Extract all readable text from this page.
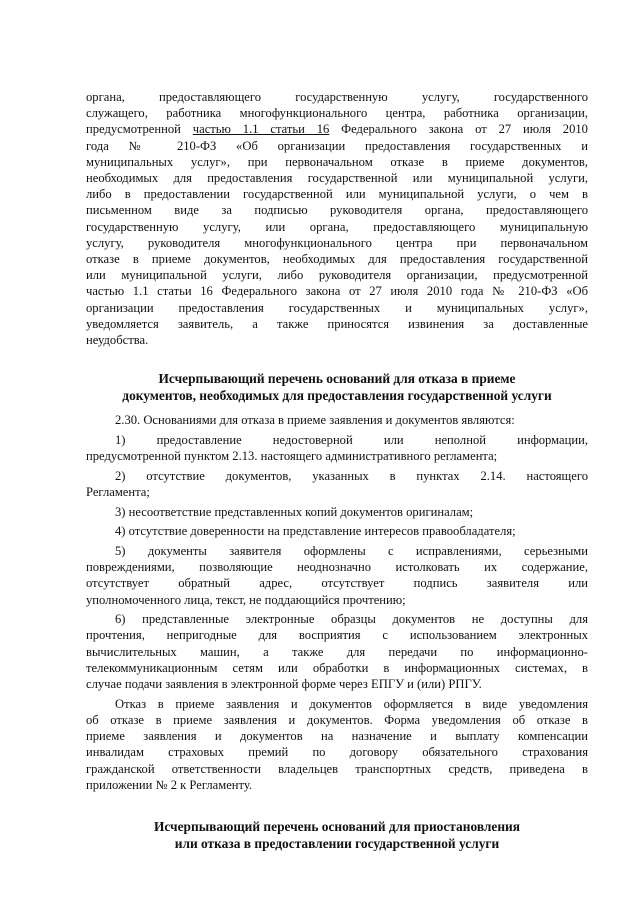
органа, предоставляющего государственную услугу, государственного
служащего, работника многофункционального центра, работника организации,
предусмотренной частью 1.1 статьи 16 Федерального закона от 27 июля 2010
года № 210-ФЗ «Об организации предоставления государственных и
муниципальных услуг», при первоначальном отказе в приеме документов,
необходимых для предоставления государственной или муниципальной услуги,
либо в предоставлении государственной или муниципальной услуги, о чем в
письменном виде за подписью руководителя органа, предоставляющего
государственную услугу, или органа, предоставляющего муниципальную
услугу, руководителя многофункционального центра при первоначальном
отказе в приеме документов, необходимых для предоставления государственной
или муниципальной услуги, либо руководителя организации, предусмотренной
частью 1.1 статьи 16 Федерального закона от 27 июля 2010 года № 210-ФЗ «Об
организации предоставления государственных и муниципальных услуг»,
уведомляется заявитель, а также приносятся извинения за доставленные
неудобства.
Исчерпывающий перечень оснований для отказа в приеме
документов, необходимых для предоставления государственной услуги
2.30. Основаниями для отказа в приеме заявления и документов являются:
1) предоставление недостоверной или неполной информации,
предусмотренной пунктом 2.13. настоящего административного регламента;
2) отсутствие документов, указанных в пунктах 2.14. настоящего
Регламента;
3) несоответствие представленных копий документов оригиналам;
4) отсутствие доверенности на представление интересов правообладателя;
5) документы заявителя оформлены с исправлениями, серьезными
повреждениями, позволяющие неоднозначно истолковать их содержание,
отсутствует обратный адрес, отсутствует подпись заявителя или
уполномоченного лица, текст, не поддающийся прочтению;
6) представленные электронные образцы документов не доступны для
прочтения, непригодные для восприятия с использованием электронных
вычислительных машин, а также для передачи по информационно-
телекоммуникационным сетям или обработки в информационных системах, в
случае подачи заявления в электронной форме через ЕПГУ и (или) РПГУ.
Отказ в приеме заявления и документов оформляется в виде уведомления
об отказе в приеме заявления и документов. Форма уведомления об отказе в
приеме заявления и документов на назначение и выплату компенсации
инвалидам страховых премий по договору обязательного страхования
гражданской ответственности владельцев транспортных средств, приведена в
приложении № 2 к Регламенту.
Исчерпывающий перечень оснований для приостановления
или отказа в предоставлении государственной услуги
